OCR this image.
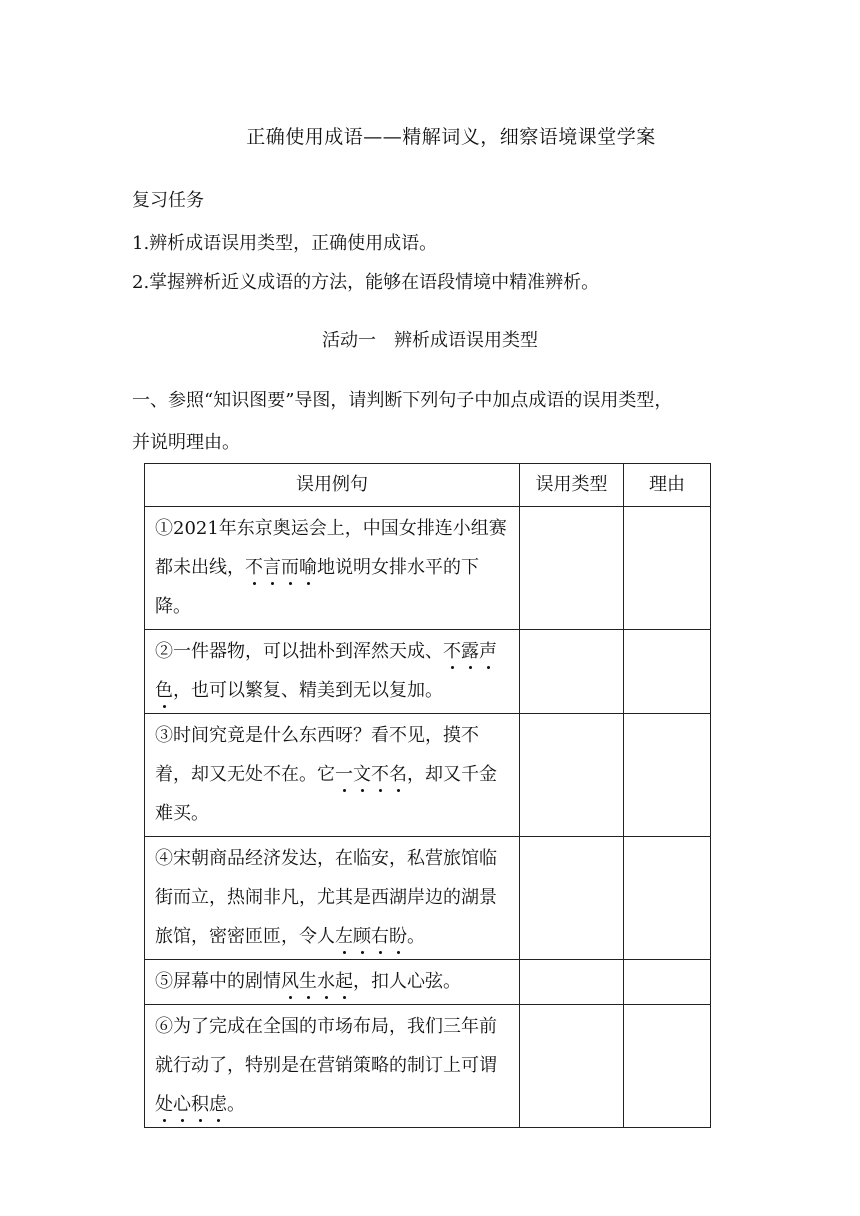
正确使用成语——精解词义，细察语境课堂学案
复习任务
1.辨析成语误用类型，正确使用成语。
2.掌握辨析近义成语的方法，能够在语段情境中精准辨析。
活动一　辨析成语误用类型
一、参照“知识图要”导图，请判断下列句子中加点成语的误用类型，
并说明理由。
误用例句	误用类型	理由

①2021年东京奥运会上，中国女排连小组赛都未出线，不言而喻地说明女排水平的下降。		

②一件器物，可以拙朴到浑然天成、不露声色，也可以繁复、精美到无以复加。		

③时间究竟是什么东西呀？看不见，摸不着，却又无处不在。它一文不名，却又千金难买。		

④宋朝商品经济发达，在临安，私营旅馆临街而立，热闹非凡，尤其是西湖岸边的湖景旅馆，密密匝匝，令人左顾右盼。		

⑤屏幕中的剧情风生水起，扣人心弦。		

⑥为了完成在全国的市场布局，我们三年前就行动了，特别是在营销策略的制订上可谓处心积虑。		
